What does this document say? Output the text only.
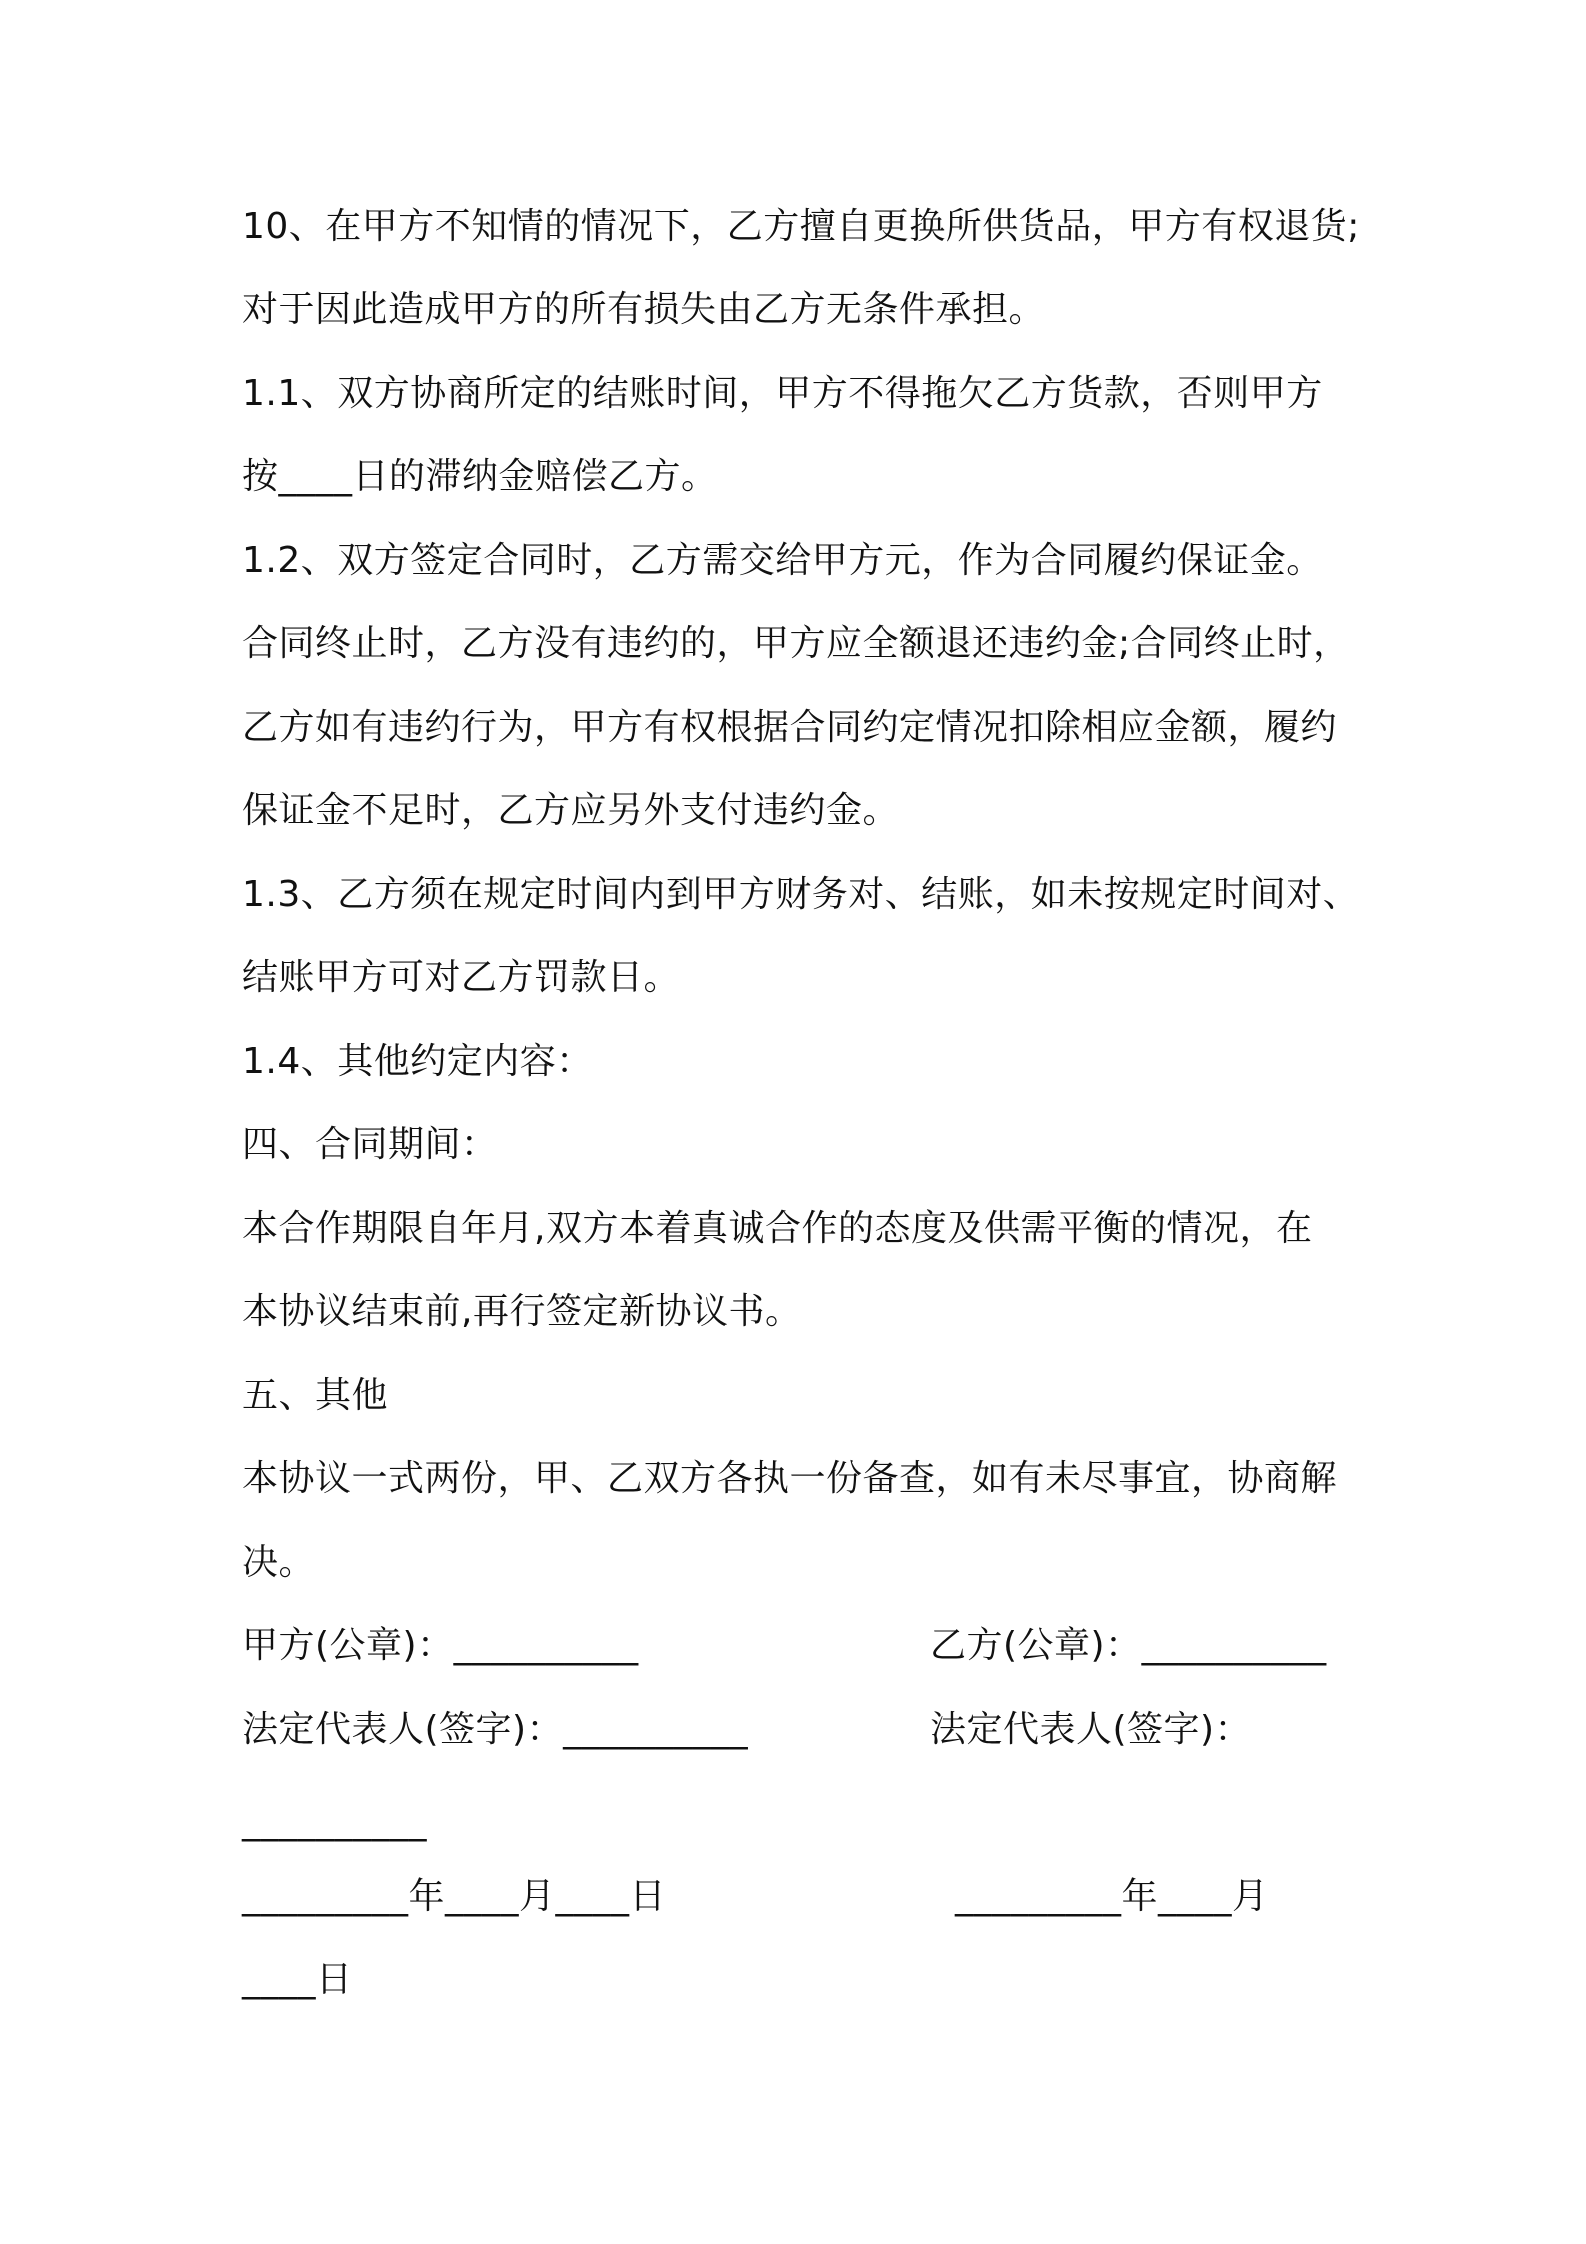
10、在甲方不知情的情况下，乙方擅自更换所供货品，甲方有权退货;
对于因此造成甲方的所有损失由乙方无条件承担。
1.1、双方协商所定的结账时间，甲方不得拖欠乙方货款，否则甲方
按____日的滞纳金赔偿乙方。
1.2、双方签定合同时，乙方需交给甲方元，作为合同履约保证金。
合同终止时，乙方没有违约的，甲方应全额退还违约金;合同终止时，
乙方如有违约行为，甲方有权根据合同约定情况扣除相应金额，履约
保证金不足时，乙方应另外支付违约金。
1.3、乙方须在规定时间内到甲方财务对、结账，如未按规定时间对、
结账甲方可对乙方罚款日。
1.4、其他约定内容：
四、合同期间：
本合作期限自年月,双方本着真诚合作的态度及供需平衡的情况，在
本协议结束前,再行签定新协议书。
五、其他
本协议一式两份，甲、乙双方各执一份备查，如有未尽事宜，协商解
决。
甲方(公章)：__________	乙方(公章)：__________
法定代表人(签字)：__________	法定代表人(签字)：
__________
_________年____月____日	_________年____月
____日
